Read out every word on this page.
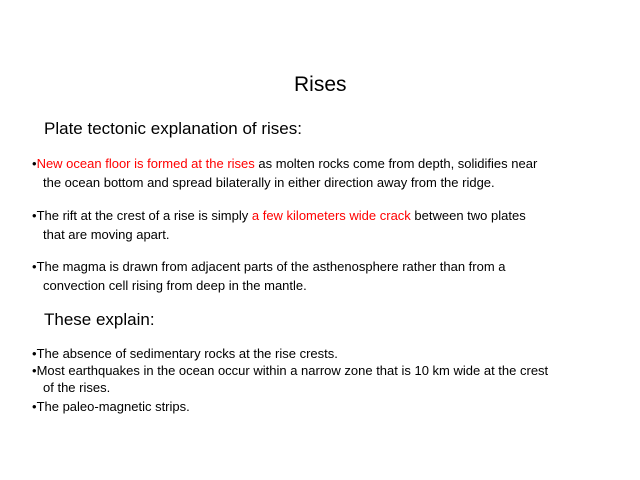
Rises
Plate tectonic explanation of rises:
•New ocean floor is formed at the rises as molten rocks come from depth, solidifies near
the ocean bottom and spread bilaterally in either direction away from the ridge.
•The rift at the crest of a rise is simply a few kilometers wide crack between two plates
that are moving apart.
•The magma is drawn from adjacent parts of the asthenosphere rather than from a
convection cell rising from deep in the mantle.
These explain:
•The absence of sedimentary rocks at the rise crests.
•Most earthquakes in the ocean occur within a narrow zone that is 10 km wide at the crest
of the rises.
•The paleo-magnetic strips.
